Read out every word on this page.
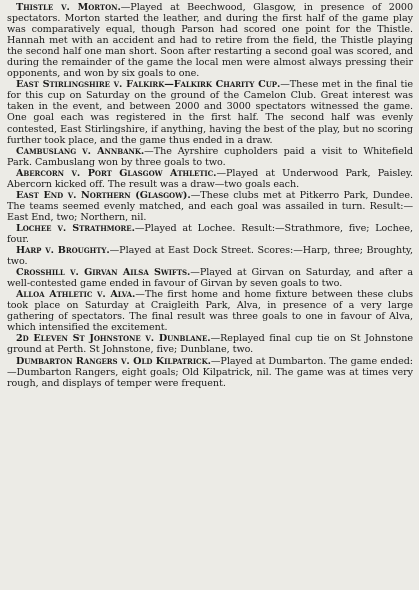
Thistle v. Morton.—Played at Beechwood, Glasgow, in presence of 2000 spectators. Morton started the leather, and during the first half of the game play was comparatively equal, though Parson had scored one point for the Thistle. Hannah met with an accident and had to retire from the field, the Thistle playing the second half one man short. Soon after restarting a second goal was scored, and during the remainder of the game the local men were almost always pressing their opponents, and won by six goals to one.

East Stirlingshire v. Falkirk—Falkirk Charity Cup.—These met in the final tie for this cup on Saturday on the ground of the Camelon Club. Great interest was taken in the event, and between 2000 and 3000 spectators witnessed the game. One goal each was registered in the first half. The second half was evenly contested, East Stirlingshire, if anything, having the best of the play, but no scoring further took place, and the game thus ended in a draw.

Cambuslang v. Annbank.—The Ayrshire cupholders paid a visit to Whitefield Park. Cambuslang won by three goals to two.

Abercorn v. Port Glasgow Athletic.—Played at Underwood Park, Paisley. Abercorn kicked off. The result was a draw—two goals each.

East End v. Northern (Glasgow).—These clubs met at Pitkerro Park, Dundee. The teams seemed evenly matched, and each goal was assailed in turn. Result:—East End, two; Northern, nil.

Lochee v. Strathmore.—Played at Lochee. Result:—Strathmore, five; Lochee, four.

Harp v. Broughty.—Played at East Dock Street. Scores:—Harp, three; Broughty, two.

Crosshill v. Girvan Ailsa Swifts.—Played at Girvan on Saturday, and after a well-contested game ended in favour of Girvan by seven goals to two.

Alloa Athletic v. Alva.—The first home and home fixture between these clubs took place on Saturday at Craigleith Park, Alva, in presence of a very large gathering of spectators. The final result was three goals to one in favour of Alva, which intensified the excitement.

2d Eleven St Johnstone v. Dunblane.—Replayed final cup tie on St Johnstone ground at Perth. St Johnstone, five; Dunblane, two.

Dumbarton Rangers v. Old Kilpatrick.—Played at Dumbarton. The game ended:—Dumbarton Rangers, eight goals; Old Kilpatrick, nil. The game was at times very rough, and displays of temper were frequent.
